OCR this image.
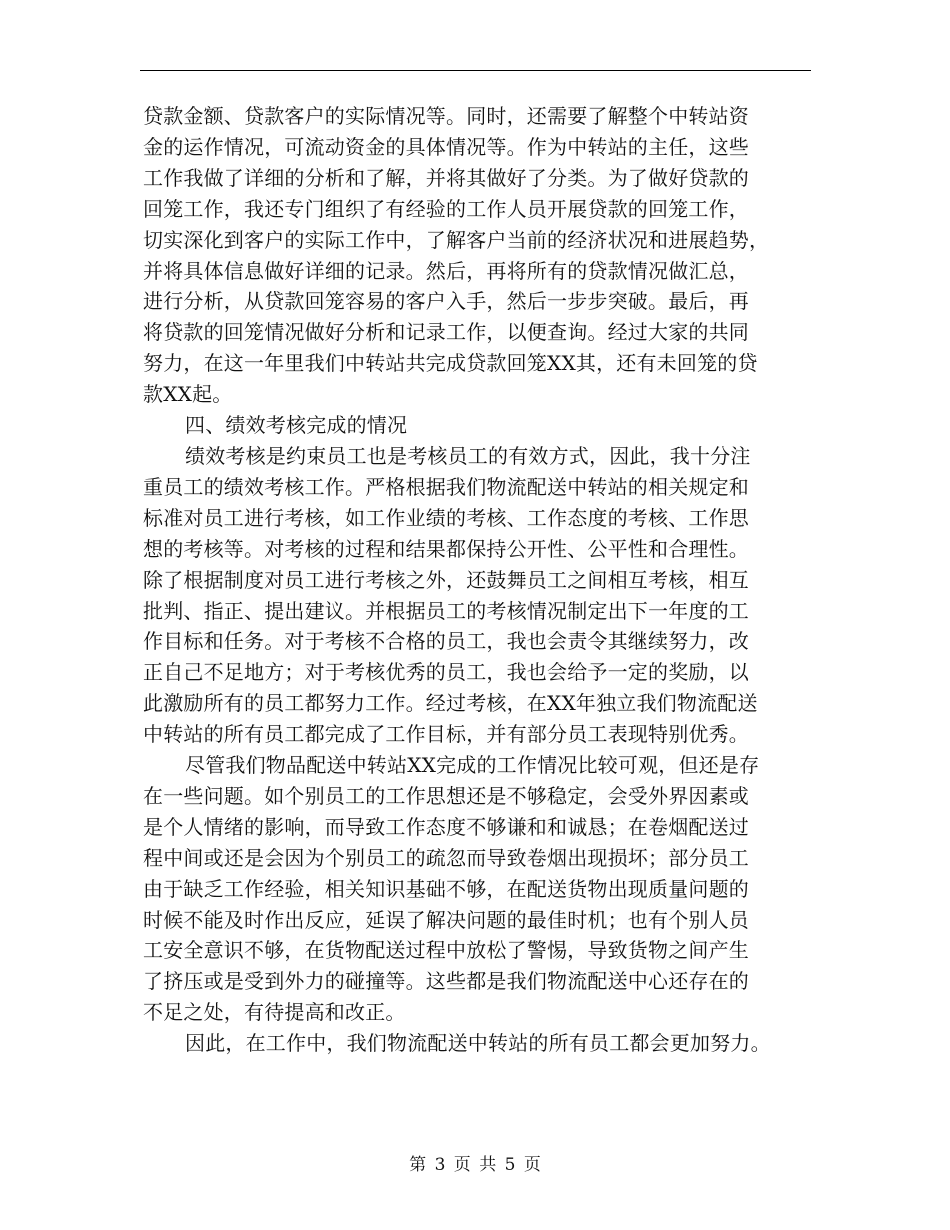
贷款金额、贷款客户的实际情况等。同时，还需要了解整个中转站资
金的运作情况，可流动资金的具体情况等。作为中转站的主任，这些
工作我做了详细的分析和了解，并将其做好了分类。为了做好贷款的
回笼工作，我还专门组织了有经验的工作人员开展贷款的回笼工作，
切实深化到客户的实际工作中，了解客户当前的经济状况和进展趋势，
并将具体信息做好详细的记录。然后，再将所有的贷款情况做汇总，
进行分析，从贷款回笼容易的客户入手，然后一步步突破。最后，再
将贷款的回笼情况做好分析和记录工作，以便查询。经过大家的共同
努力，在这一年里我们中转站共完成贷款回笼XX其，还有未回笼的贷
款XX起。
四、绩效考核完成的情况
绩效考核是约束员工也是考核员工的有效方式，因此，我十分注
重员工的绩效考核工作。严格根据我们物流配送中转站的相关规定和
标准对员工进行考核，如工作业绩的考核、工作态度的考核、工作思
想的考核等。对考核的过程和结果都保持公开性、公平性和合理性。
除了根据制度对员工进行考核之外，还鼓舞员工之间相互考核，相互
批判、指正、提出建议。并根据员工的考核情况制定出下一年度的工
作目标和任务。对于考核不合格的员工，我也会责令其继续努力，改
正自己不足地方；对于考核优秀的员工，我也会给予一定的奖励，以
此激励所有的员工都努力工作。经过考核，在XX年独立我们物流配送
中转站的所有员工都完成了工作目标，并有部分员工表现特别优秀。
尽管我们物品配送中转站XX完成的工作情况比较可观，但还是存
在一些问题。如个别员工的工作思想还是不够稳定，会受外界因素或
是个人情绪的影响，而导致工作态度不够谦和和诚恳；在卷烟配送过
程中间或还是会因为个别员工的疏忽而导致卷烟出现损坏；部分员工
由于缺乏工作经验，相关知识基础不够，在配送货物出现质量问题的
时候不能及时作出反应，延误了解决问题的最佳时机；也有个别人员
工安全意识不够，在货物配送过程中放松了警惕，导致货物之间产生
了挤压或是受到外力的碰撞等。这些都是我们物流配送中心还存在的
不足之处，有待提高和改正。
因此，在工作中，我们物流配送中转站的所有员工都会更加努力。
第 3 页 共 5 页
